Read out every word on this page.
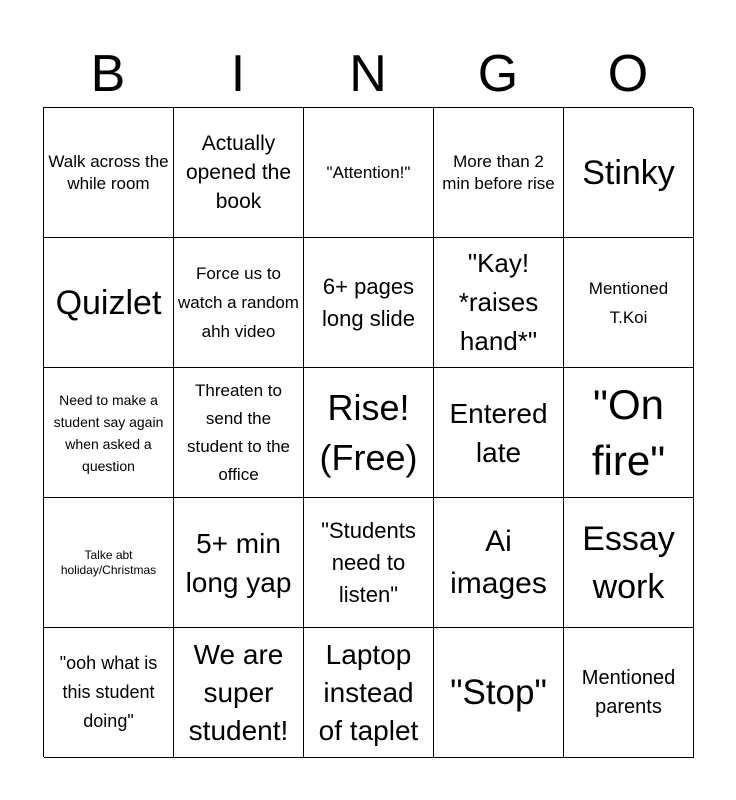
B	I	N	G	O
Walk across the while room
Actually opened the book
"Attention!"
More than 2 min before rise Stinky
Quizlet
Force us to watch a random ahh video
6+ pages long slide
"Kay! *raises hand*"
Mentioned T.Koi
Need to make a student say again when asked a question
Threaten to send the student to the office
Rise! (Free)
Entered late
"On fire"
Talke abt holiday/Christmas
5+ min long yap
"Students need to listen"
Ai images
Essay work
"ooh what is this student doing"
We are super student!
Laptop instead of taplet
"Stop"	Mentioned parents
